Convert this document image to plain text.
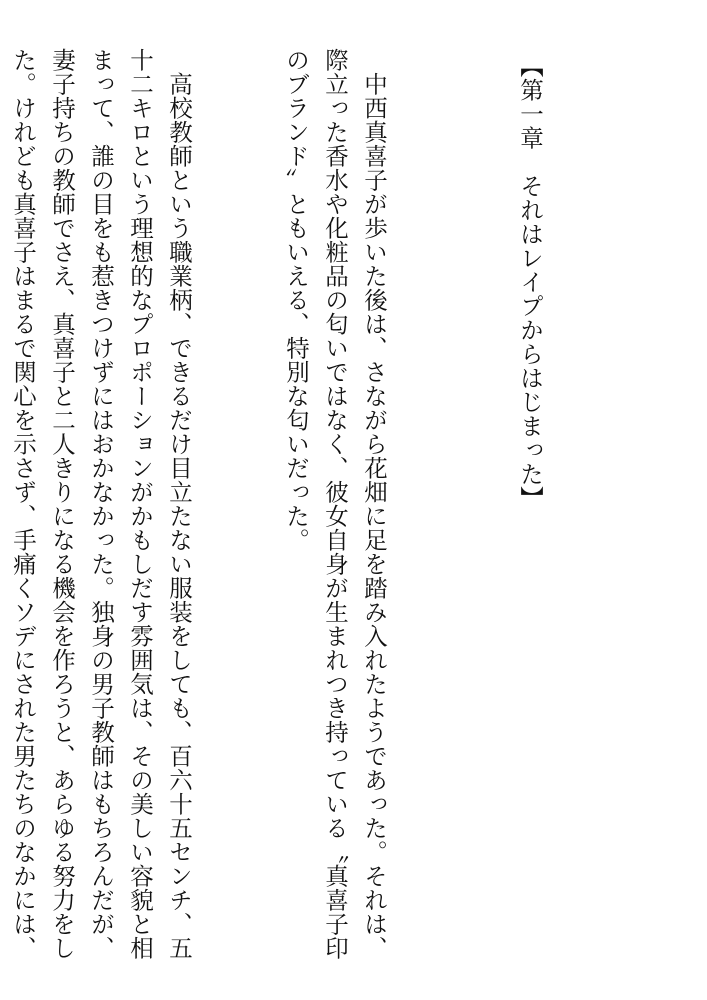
【第一章　それはレイプからはじまった】

中西真喜子が歩いた後は、さながら花畑に足を踏み入れたようであった。それは、際立った香水や化粧品の匂いではなく、彼女自身が生まれつき持っている〝真喜子印のブランド〟ともいえる、特別な匂いだった。

高校教師という職業柄、できるだけ目立たない服装をしても、百六十五センチ、五十二キロという理想的なプロポーションがかもしだす雰囲気は、その美しい容貌と相まって、誰の目をも惹きつけずにはおかなかった。独身の男子教師はもちろんだが、妻子持ちの教師でさえ、真喜子と二人きりになる機会を作ろうと、あらゆる努力をした。けれども真喜子はまるで関心を示さず、手痛くソデにされた男たちのなかには、
